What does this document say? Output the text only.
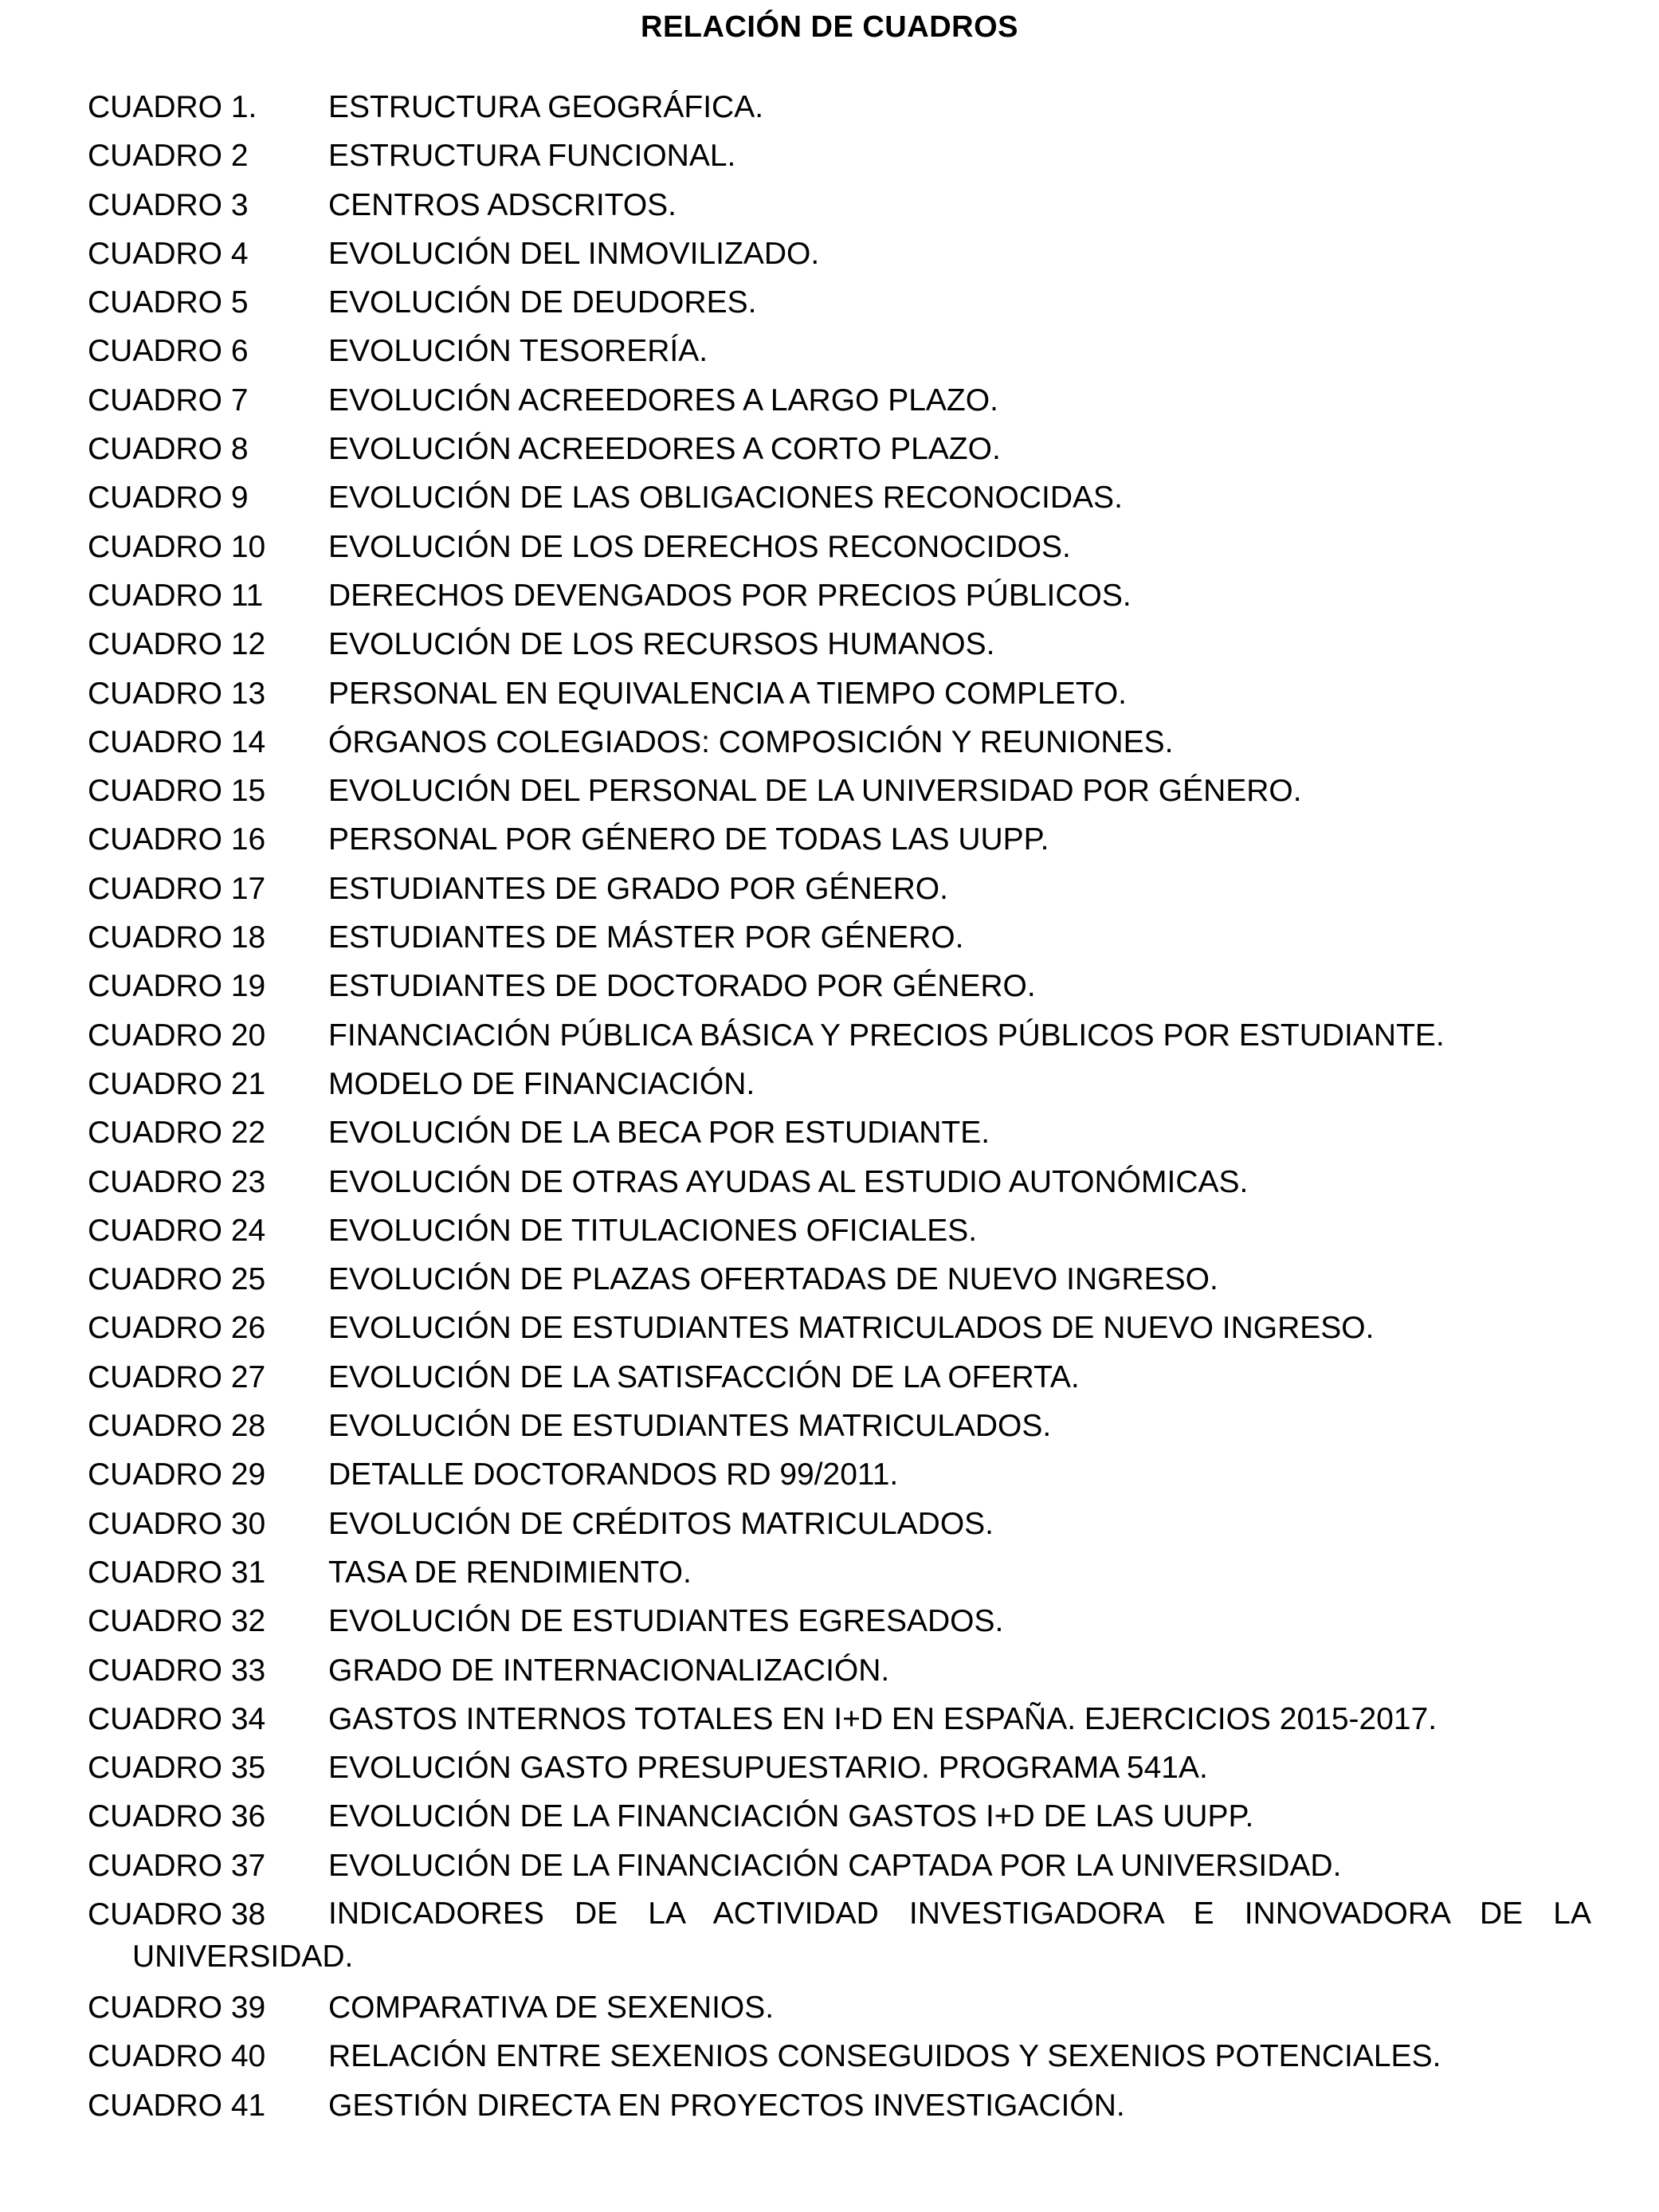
RELACIÓN DE CUADROS
CUADRO 1. ESTRUCTURA GEOGRÁFICA.
CUADRO 2	ESTRUCTURA FUNCIONAL.
CUADRO 3	CENTROS ADSCRITOS.
CUADRO 4	EVOLUCIÓN DEL INMOVILIZADO.
CUADRO 5	EVOLUCIÓN DE DEUDORES.
CUADRO 6	EVOLUCIÓN TESORERÍA.
CUADRO 7	EVOLUCIÓN ACREEDORES A LARGO PLAZO.
CUADRO 8	EVOLUCIÓN ACREEDORES A CORTO PLAZO.
CUADRO 9	EVOLUCIÓN DE LAS OBLIGACIONES RECONOCIDAS.
CUADRO 10 EVOLUCIÓN DE LOS DERECHOS RECONOCIDOS.
CUADRO 11 DERECHOS DEVENGADOS POR PRECIOS PÚBLICOS.
CUADRO 12 EVOLUCIÓN DE LOS RECURSOS HUMANOS.
CUADRO 13 PERSONAL EN EQUIVALENCIA A TIEMPO COMPLETO.
CUADRO 14 ÓRGANOS COLEGIADOS: COMPOSICIÓN Y REUNIONES.
CUADRO 15 EVOLUCIÓN DEL PERSONAL DE LA UNIVERSIDAD POR GÉNERO.
CUADRO 16 PERSONAL POR GÉNERO DE TODAS LAS UUPP.
CUADRO 17 ESTUDIANTES DE GRADO POR GÉNERO.
CUADRO 18 ESTUDIANTES DE MÁSTER POR GÉNERO.
CUADRO 19 ESTUDIANTES DE DOCTORADO POR GÉNERO.
CUADRO 20 FINANCIACIÓN PÚBLICA BÁSICA Y PRECIOS PÚBLICOS POR ESTUDIANTE.
CUADRO 21 MODELO DE FINANCIACIÓN.
CUADRO 22 EVOLUCIÓN DE LA BECA POR ESTUDIANTE.
CUADRO 23 EVOLUCIÓN DE OTRAS AYUDAS AL ESTUDIO AUTONÓMICAS.
CUADRO 24 EVOLUCIÓN DE TITULACIONES OFICIALES.
CUADRO 25 EVOLUCIÓN DE PLAZAS OFERTADAS DE NUEVO INGRESO.
CUADRO 26 EVOLUCIÓN DE ESTUDIANTES MATRICULADOS DE NUEVO INGRESO.
CUADRO 27 EVOLUCIÓN DE LA SATISFACCIÓN DE LA OFERTA.
CUADRO 28 EVOLUCIÓN DE ESTUDIANTES MATRICULADOS.
CUADRO 29 DETALLE DOCTORANDOS RD 99/2011.
CUADRO 30 EVOLUCIÓN DE CRÉDITOS MATRICULADOS.
CUADRO 31 TASA DE RENDIMIENTO.
CUADRO 32 EVOLUCIÓN DE ESTUDIANTES EGRESADOS.
CUADRO 33 GRADO DE INTERNACIONALIZACIÓN.
CUADRO 34 GASTOS INTERNOS TOTALES EN I+D EN ESPAÑA. EJERCICIOS 2015-2017.
CUADRO 35 EVOLUCIÓN GASTO PRESUPUESTARIO. PROGRAMA 541A.
CUADRO 36 EVOLUCIÓN DE LA FINANCIACIÓN GASTOS I+D DE LAS UUPP.
CUADRO 37 EVOLUCIÓN DE LA FINANCIACIÓN CAPTADA POR LA UNIVERSIDAD.
CUADRO 38 INDICADORES DE LA ACTIVIDAD INVESTIGADORA E INNOVADORA DE LA
UNIVERSIDAD.
CUADRO 39 COMPARATIVA DE SEXENIOS.
CUADRO 40 RELACIÓN ENTRE SEXENIOS CONSEGUIDOS Y SEXENIOS POTENCIALES.
CUADRO 41 GESTIÓN DIRECTA EN PROYECTOS INVESTIGACIÓN.
